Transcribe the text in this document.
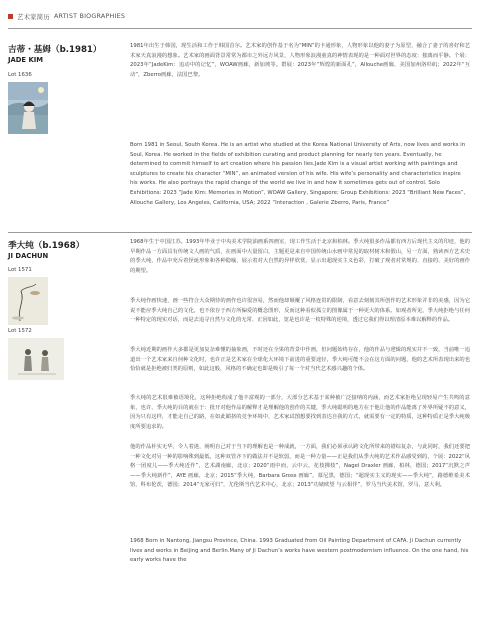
艺术家简历 ARTIST BIOGRAPHIES
吉蒂・基姆（b.1981）
JADE KIM
Lot 1636

1981年出生于韩国，现生活和工作于韩国首尔。艺术家的创作基于名为“MIN”的卡通形象，人物形象以他的妻子为原型，融合了妻子的喜好和艺术家天真浪漫的想象。艺术家的画面背景常常为都市之外远方风景，人物形象浪漫童真的神情表现的是一种面对世界的态度：独离而平静。个展：2023年“JadeKim：追动中的记忆”，WOAW画廊，新加坡等。群展：2023年“辉煌的新面孔”，Allouche画廊，美国加州洛杉矶；2022年“互动”，Zberro画廊，法国巴黎。

Born 1981 in Seoul, South Korea. He is an artist who studied at the Korea National University of Arts, now lives and works in Soul, Korea. He worked in the fields of exhibition curating and product planning for nearly ten years. Eventually, he determined to commit himself to art creation where his passion lies.Jade Kim is a visual artist working with paintings and sculptures to create his character “MIN”, an animated version of his wife. His wife’s personality and characteristics inspire his works. He also portrays the rapid change of the world we live in and how it sometimes gets out of control. Solo Exhibitions: 2023 “Jade Kim: Memories in Motion”, WOAW Gallery, Singapore; Group Exhibitions: 2023 “Brilliant New Faces”, Allouche Gallery, Los Angeles, California, USA; 2022 “Interaction , Galerie Zberro, Paris, France”

季大纯（b.1968）
JI DACHUN
Lot 1571
Lot 1572

1968年生于中国江苏。1993年毕业于中央美术学院油画系四画室，现工作生活于北京和柏林。季大纯很多作品都有西方后现代主义的印迹，他的早期作品一方面具有传统文人画的气质，在画面中大量留白，主题更是来自中国传统山水画中常见的取材树木和假山，另一方面，熟读西方艺术史的季大纯，作品中充斥着怪诞形象和各种隐喻，展示着对大自然的异样欣赏，显示出超现实主义色彩，打破了观者对常规的、直接的、美好的画作的期望。

季大纯作画快速，画一些符合大众期待的画作也许很容易，然而他却颠覆了风格连贯的限制，看意去刻刻其所创作的艺术形象并非的美感，因为它说不能应季大纯自己的文化，也不依存于西方所偏爱的概念图形，反而这种看似孤立的图像属于一种更大的体系。如观者所见，季大纯拒绝与任何一种特定的现实对话，而是去追寻自然与文化的无常、正因如此，宽是也许是一枚特殊的逆境，透过它我们得以理清原本难以解释的作品。

季大纯近期的画作大多都是更加复杂难懂的抽象画，不时还在全果的背景中作画，但问题始终存在，他的作品与逻辑的现实并不一致，当前唯一追道出一个艺术家来自何种文化时，也许正是艺术家在全球化大环境下前进的重要途径，季大纯可能不会在这方面的问题，他的艺术所表现出来的也恰恰就是拒绝被归类的原则，如此这般，风格的不确定也即是吸引了每一个对当代艺术感兴趣的个体。

季大纯的艺术很难被语境化，这种拒绝构成了他丰富观的一部分，大部分艺术基于某种被广泛接纳的内涵，而艺术家拒绝呈现轻易产生共鸣的意象，也许，季大纯的目的就在于：批开对他作品的解释才是理解他的创作的关键，季大纯聪明的地方在于他让他的作品能离了外界所疑不的意义，因为只有这样，才能走自己的路，在如此媚挤的竞争环境中，艺术家试图想要找到表达自我的方式，就需要有一定的特质，这种特质正是季大纯极度所要追求的。

他的作品朴实无华，令人着迷，阐明自己对于当下的理解也是一种成就，一方面，我们必须承认跨文化所带来的错综复杂，与此同时，我们还要把一种文化对另一种的影响殊到最低，这种双管齐下的做法并不是软弱，而是一种力量——正是我们从季大纯的艺术作品感受到的，个展：2022“风格一团度儿——季大纯近作”，艺术湖南廊，北京；2020“雨中而，云中云，花枝拂枝”，Nagel Draxler 画廊，柏林，德国；2017“沉默之声——季大纯新作”，AYE 画廊，北京；2015“季大纯，Barbara Gross 画廊”，慕尼黑，德国；“超现实主义的现实——季大纯”，路德维希美术馆，科布伦茨，德国；2014“无家可归”，尤伦斯当代艺术中心，北京；2013“功婊欧望 与云相伴”，罗马当代美术馆，罗马，意大利。

1968 Born in Nantong, Jiangsu Province, China. 1993 Graduated from Oil Painting Department of CAFA. Ji Dachun currently lives and works in Beijing and Berlin.Many of Ji Dachun’s works have western postmodernism influence. On the one hand, his early works have the
